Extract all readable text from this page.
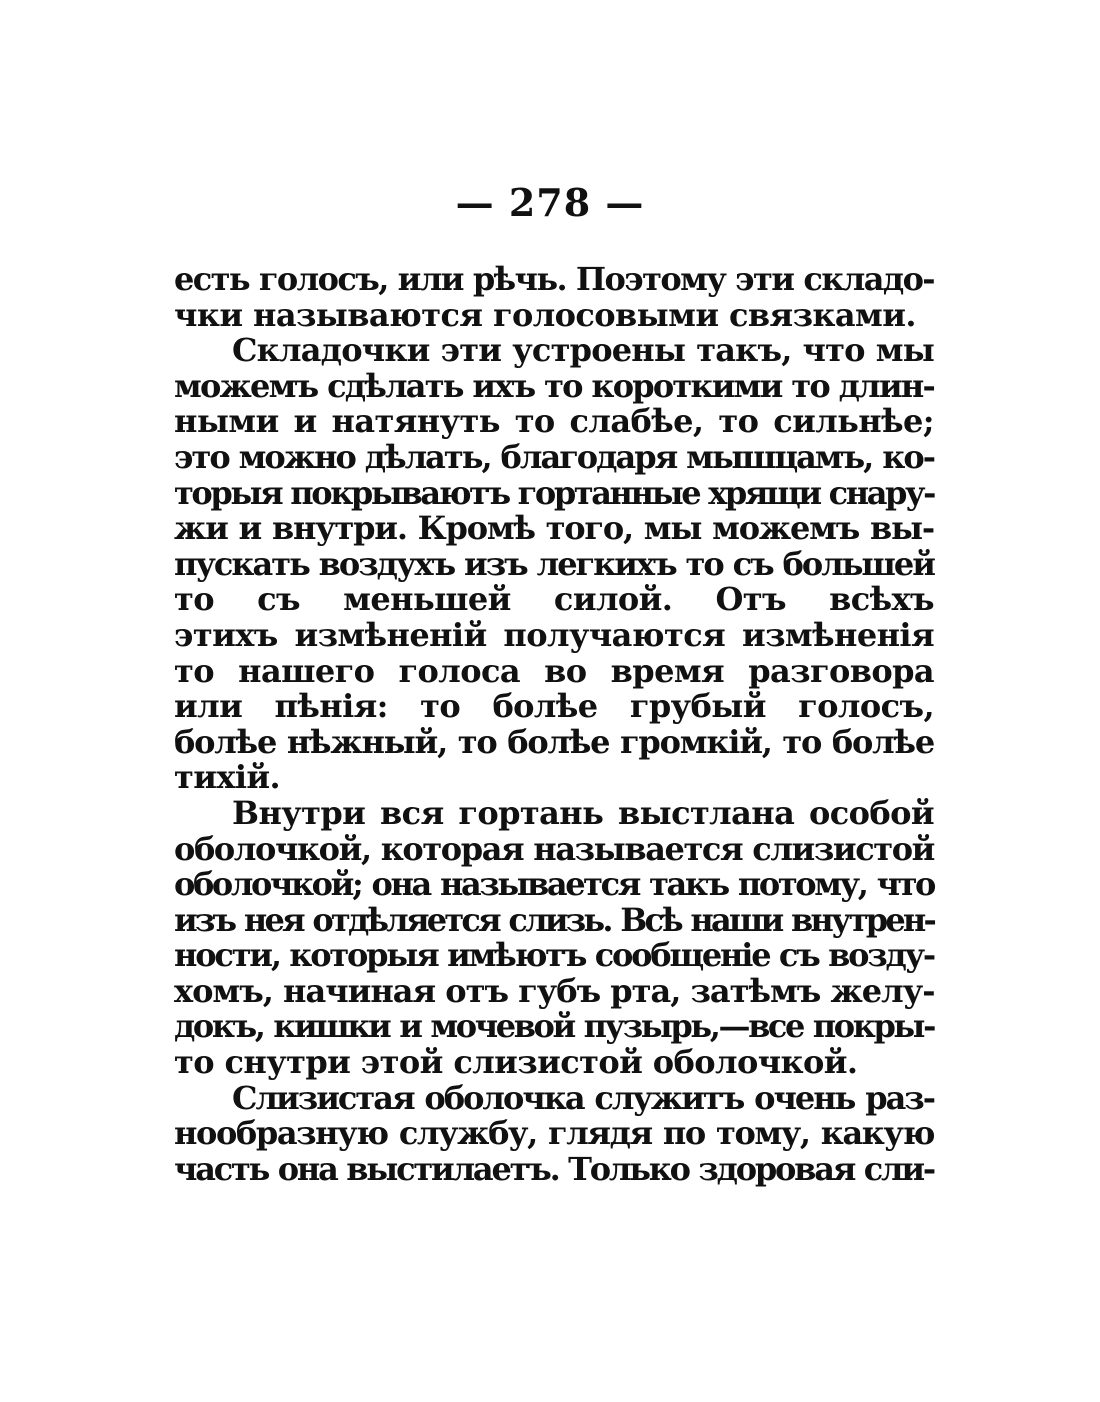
— 278 —
есть голосъ, или рѣчь. Поэтому эти складо-
чки называются голосовыми связками.
Складочки эти устроены такъ, что мы
можемъ сдѣлать ихъ то короткими то длин-
ными и натянуть то слабѣе, то сильнѣе;
это можно дѣлать, благодаря мышцамъ, ко-
торыя покрываютъ гортанные хрящи снару-
жи и внутри. Кромѣ того, мы можемъ вы-
пускать воздухъ изъ легкихъ то съ большей
то съ меньшей силой. Отъ всѣхъ
этихъ измѣненій получаются измѣненія
то нашего голоса во время разговора
или пѣнія: то болѣе грубый голосъ,
болѣе нѣжный, то болѣе громкій, то болѣе
тихій.
Внутри вся гортань выстлана особой
оболочкой, которая называется слизистой
оболочкой; она называется такъ потому, что
изъ нея отдѣляется слизь. Всѣ наши внутрен-
ности, которыя имѣютъ сообщеніе съ возду-
хомъ, начиная отъ губъ рта, затѣмъ желу-
докъ, кишки и мочевой пузырь,—все покры-
то снутри этой слизистой оболочкой.
Слизистая оболочка служитъ очень раз-
нообразную службу, глядя по тому, какую
часть она выстилаетъ. Только здоровая сли-
